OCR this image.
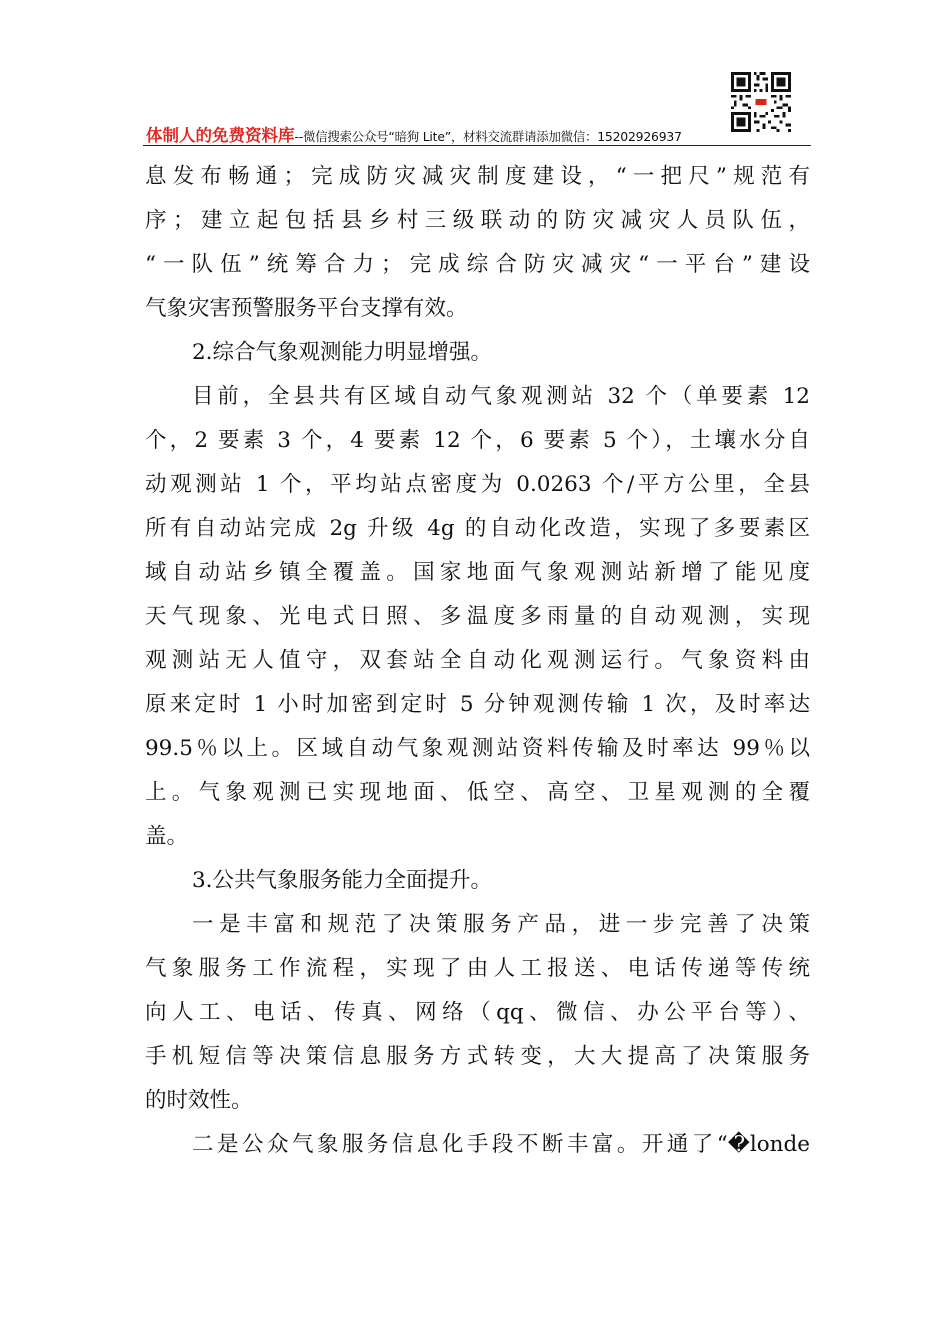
体制人的免费资料库--微信搜索公众号“暗狗 Lite”，材料交流群请添加微信：15202926937
息发布畅通；完成防灾减灾制度建设，“一把尺”规范有
序；建立起包括县乡村三级联动的防灾减灾人员队伍，
“一队伍”统筹合力；完成综合防灾减灾“一平台”建设
气象灾害预警服务平台支撑有效。
2.综合气象观测能力明显增强。
目前，全县共有区域自动气象观测站 32 个（单要素 12
个，2 要素 3 个，4 要素 12 个，6 要素 5 个），土壤水分自
动观测站 1 个，平均站点密度为 0.0263 个/平方公里，全县
所有自动站完成 2g 升级 4g 的自动化改造，实现了多要素区
域自动站乡镇全覆盖。国家地面气象观测站新增了能见度
天气现象、光电式日照、多温度多雨量的自动观测，实现
观测站无人值守，双套站全自动化观测运行。气象资料由
原来定时 1 小时加密到定时 5 分钟观测传输 1 次，及时率达
99.5％以上。区域自动气象观测站资料传输及时率达 99％以
上。气象观测已实现地面、低空、高空、卫星观测的全覆
盖。
3.公共气象服务能力全面提升。
一是丰富和规范了决策服务产品，进一步完善了决策
气象服务工作流程，实现了由人工报送、电话传递等传统
向人工、电话、传真、网络（qq、微信、办公平台等）、
手机短信等决策信息服务方式转变，大大提高了决策服务
的时效性。
二是公众气象服务信息化手段不断丰富。开通了“�londe
